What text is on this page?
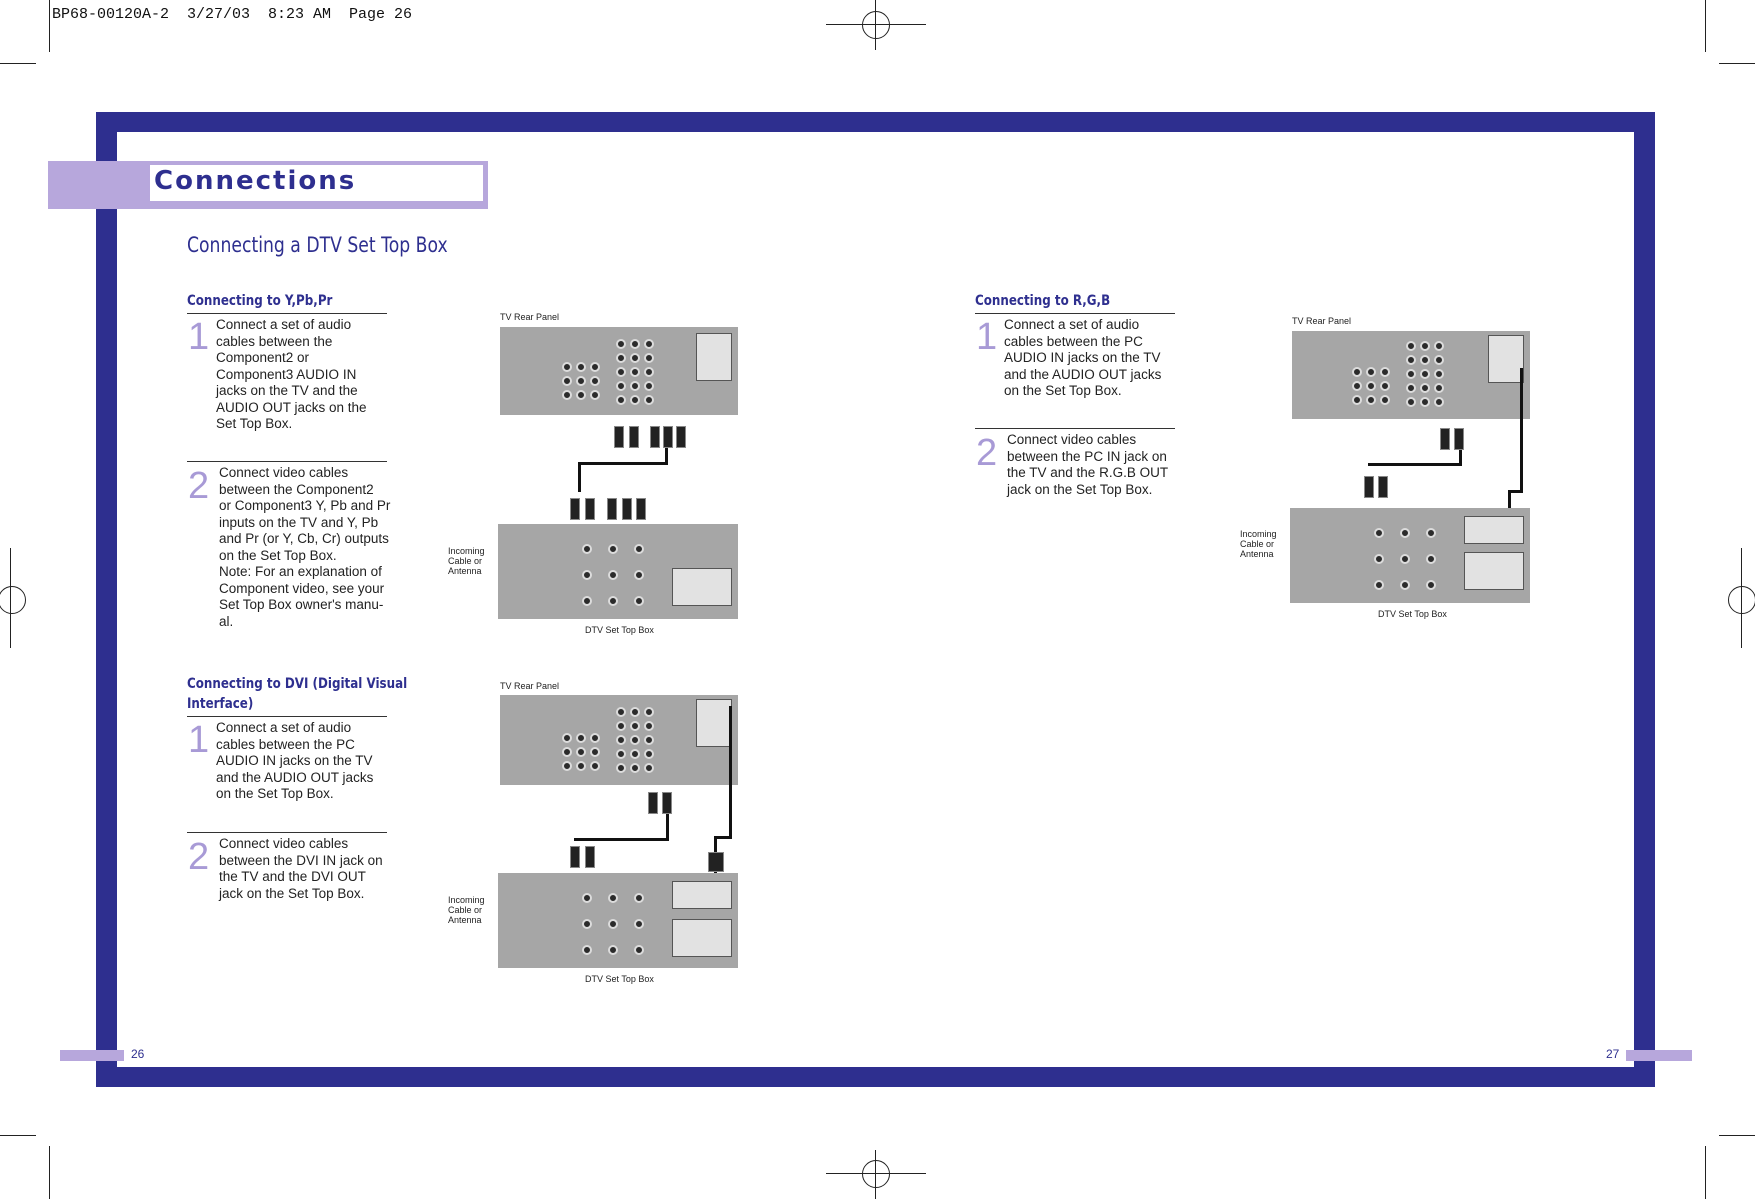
BP68-00120A-2  3/27/03  8:23 AM  Page 26
Connections
Connecting a DTV Set Top Box
Connecting to Y,Pb,Pr
1 Connect a set of audio
cables between the
Component2 or
Component3 AUDIO IN
jacks on the TV and the
AUDIO OUT jacks on the
Set Top Box.
2 Connect video cables
between the Component2
or Component3 Y, Pb and Pr
inputs on the TV and Y, Pb
and Pr (or Y, Cb, Cr) outputs
on the Set Top Box.
Note: For an explanation of
Component video, see your
Set Top Box owner's manu-
al.
Connecting to DVI (Digital Visual
Interface)
1 Connect a set of audio
cables between the PC
AUDIO IN jacks on the TV
and the AUDIO OUT jacks
on the Set Top Box.
2 Connect video cables
between the DVI IN jack on
the TV and the DVI OUT
jack on the Set Top Box.
Connecting to R,G,B
1 Connect a set of audio
cables between the PC
AUDIO IN jacks on the TV
and the AUDIO OUT jacks
on the Set Top Box.
2 Connect video cables
between the PC IN jack on
the TV and the R.G.B OUT
jack on the Set Top Box.
TV Rear Panel
Incoming
Cable or
Antenna
DTV Set Top Box
TV Rear Panel
Incoming
Cable or
Antenna
DTV Set Top Box
TV Rear Panel
Incoming
Cable or
Antenna
DTV Set Top Box
26	27
